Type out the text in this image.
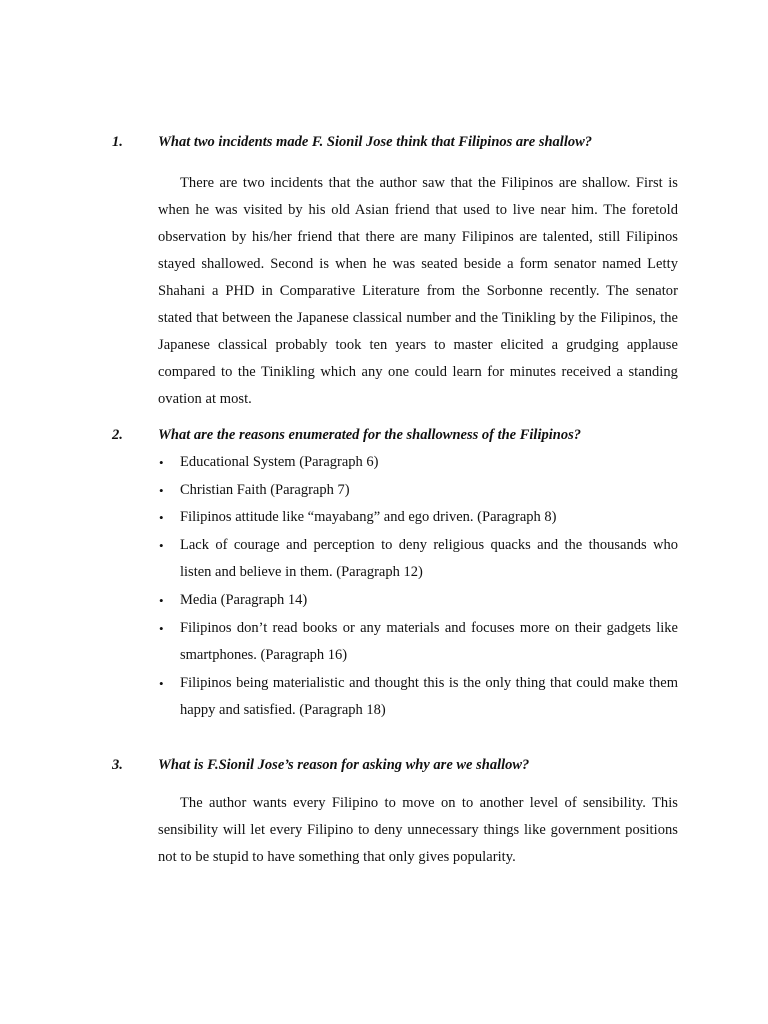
1.	What two incidents made F. Sionil Jose think that Filipinos are shallow?

There are two incidents that the author saw that the Filipinos are shallow. First is when he was visited by his old Asian friend that used to live near him. The foretold observation by his/her friend that there are many Filipinos are talented, still Filipinos stayed shallowed. Second is when he was seated beside a form senator named Letty Shahani a PHD in Comparative Literature from the Sorbonne recently. The senator stated that between the Japanese classical number and the Tinikling by the Filipinos, the Japanese classical probably took ten years to master elicited a grudging applause compared to the Tinikling which any one could learn for minutes received a standing ovation at most.

2.	What are the reasons enumerated for the shallowness of the Filipinos?
• Educational System (Paragraph 6)
• Christian Faith (Paragraph 7)
• Filipinos attitude like “mayabang” and ego driven. (Paragraph 8)
• Lack of courage and perception to deny religious quacks and the thousands who listen and believe in them. (Paragraph 12)
• Media (Paragraph 14)
• Filipinos don’t read books or any materials and focuses more on their gadgets like smartphones. (Paragraph 16)
• Filipinos being materialistic and thought this is the only thing that could make them happy and satisfied. (Paragraph 18)
3.	What is F.Sionil Jose’s reason for asking why are we shallow?

The author wants every Filipino to move on to another level of sensibility. This sensibility will let every Filipino to deny unnecessary things like government positions not to be stupid to have something that only gives popularity.
